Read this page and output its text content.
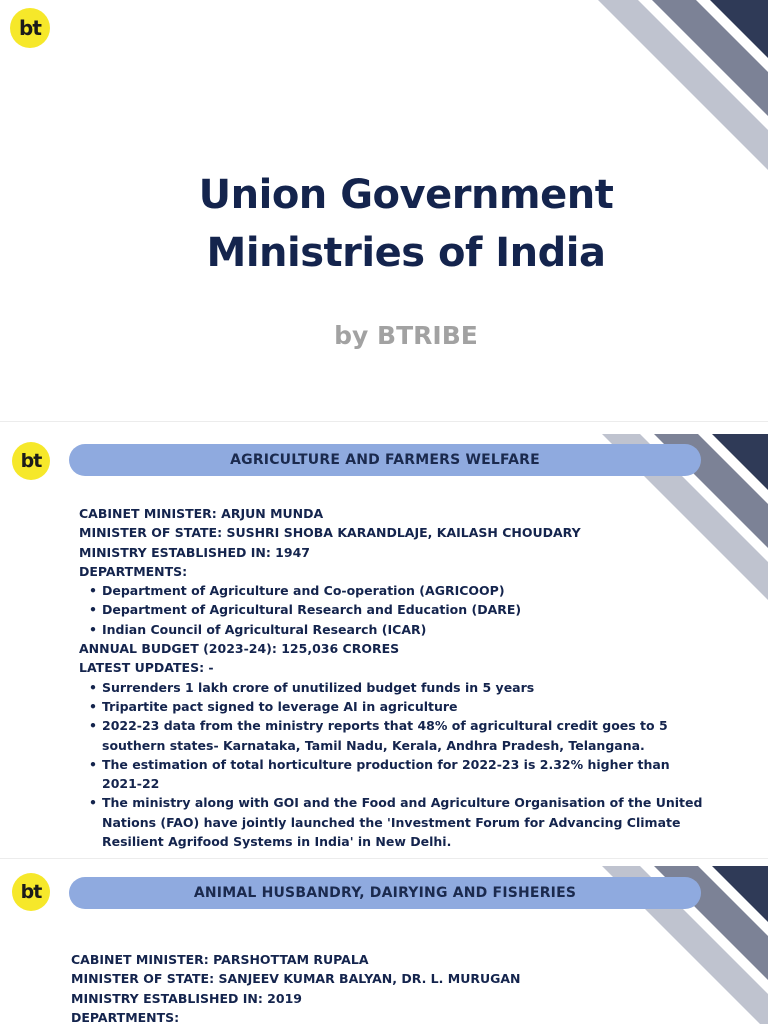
bt
Union Government
Ministries of India
by BTRIBE
bt	AGRICULTURE AND FARMERS WELFARE

CABINET MINISTER: ARJUN MUNDA

MINISTER OF STATE: SUSHRI SHOBA KARANDLAJE, KAILASH CHOUDARY

MINISTRY ESTABLISHED IN: 1947

DEPARTMENTS:

• Department of Agriculture and Co-operation (AGRICOOP)
• Department of Agricultural Research and Education (DARE)
• Indian Council of Agricultural Research (ICAR)

ANNUAL BUDGET (2023-24): 125,036 CRORES

LATEST UPDATES: -

• Surrenders 1 lakh crore of unutilized budget funds in 5 years
• Tripartite pact signed to leverage AI in agriculture
• 2022-23 data from the ministry reports that 48% of agricultural credit goes to 5 southern states- Karnataka, Tamil Nadu, Kerala, Andhra Pradesh, Telangana.
• The estimation of total horticulture production for 2022-23 is 2.32% higher than 2021-22
• The ministry along with GOI and the Food and Agriculture Organisation of the United Nations (FAO) have jointly launched the 'Investment Forum for Advancing Climate Resilient Agrifood Systems in India' in New Delhi.
bt	ANIMAL HUSBANDRY, DAIRYING AND FISHERIES

CABINET MINISTER: PARSHOTTAM RUPALA

MINISTER OF STATE: SANJEEV KUMAR BALYAN, DR. L. MURUGAN

MINISTRY ESTABLISHED IN: 2019

DEPARTMENTS:
